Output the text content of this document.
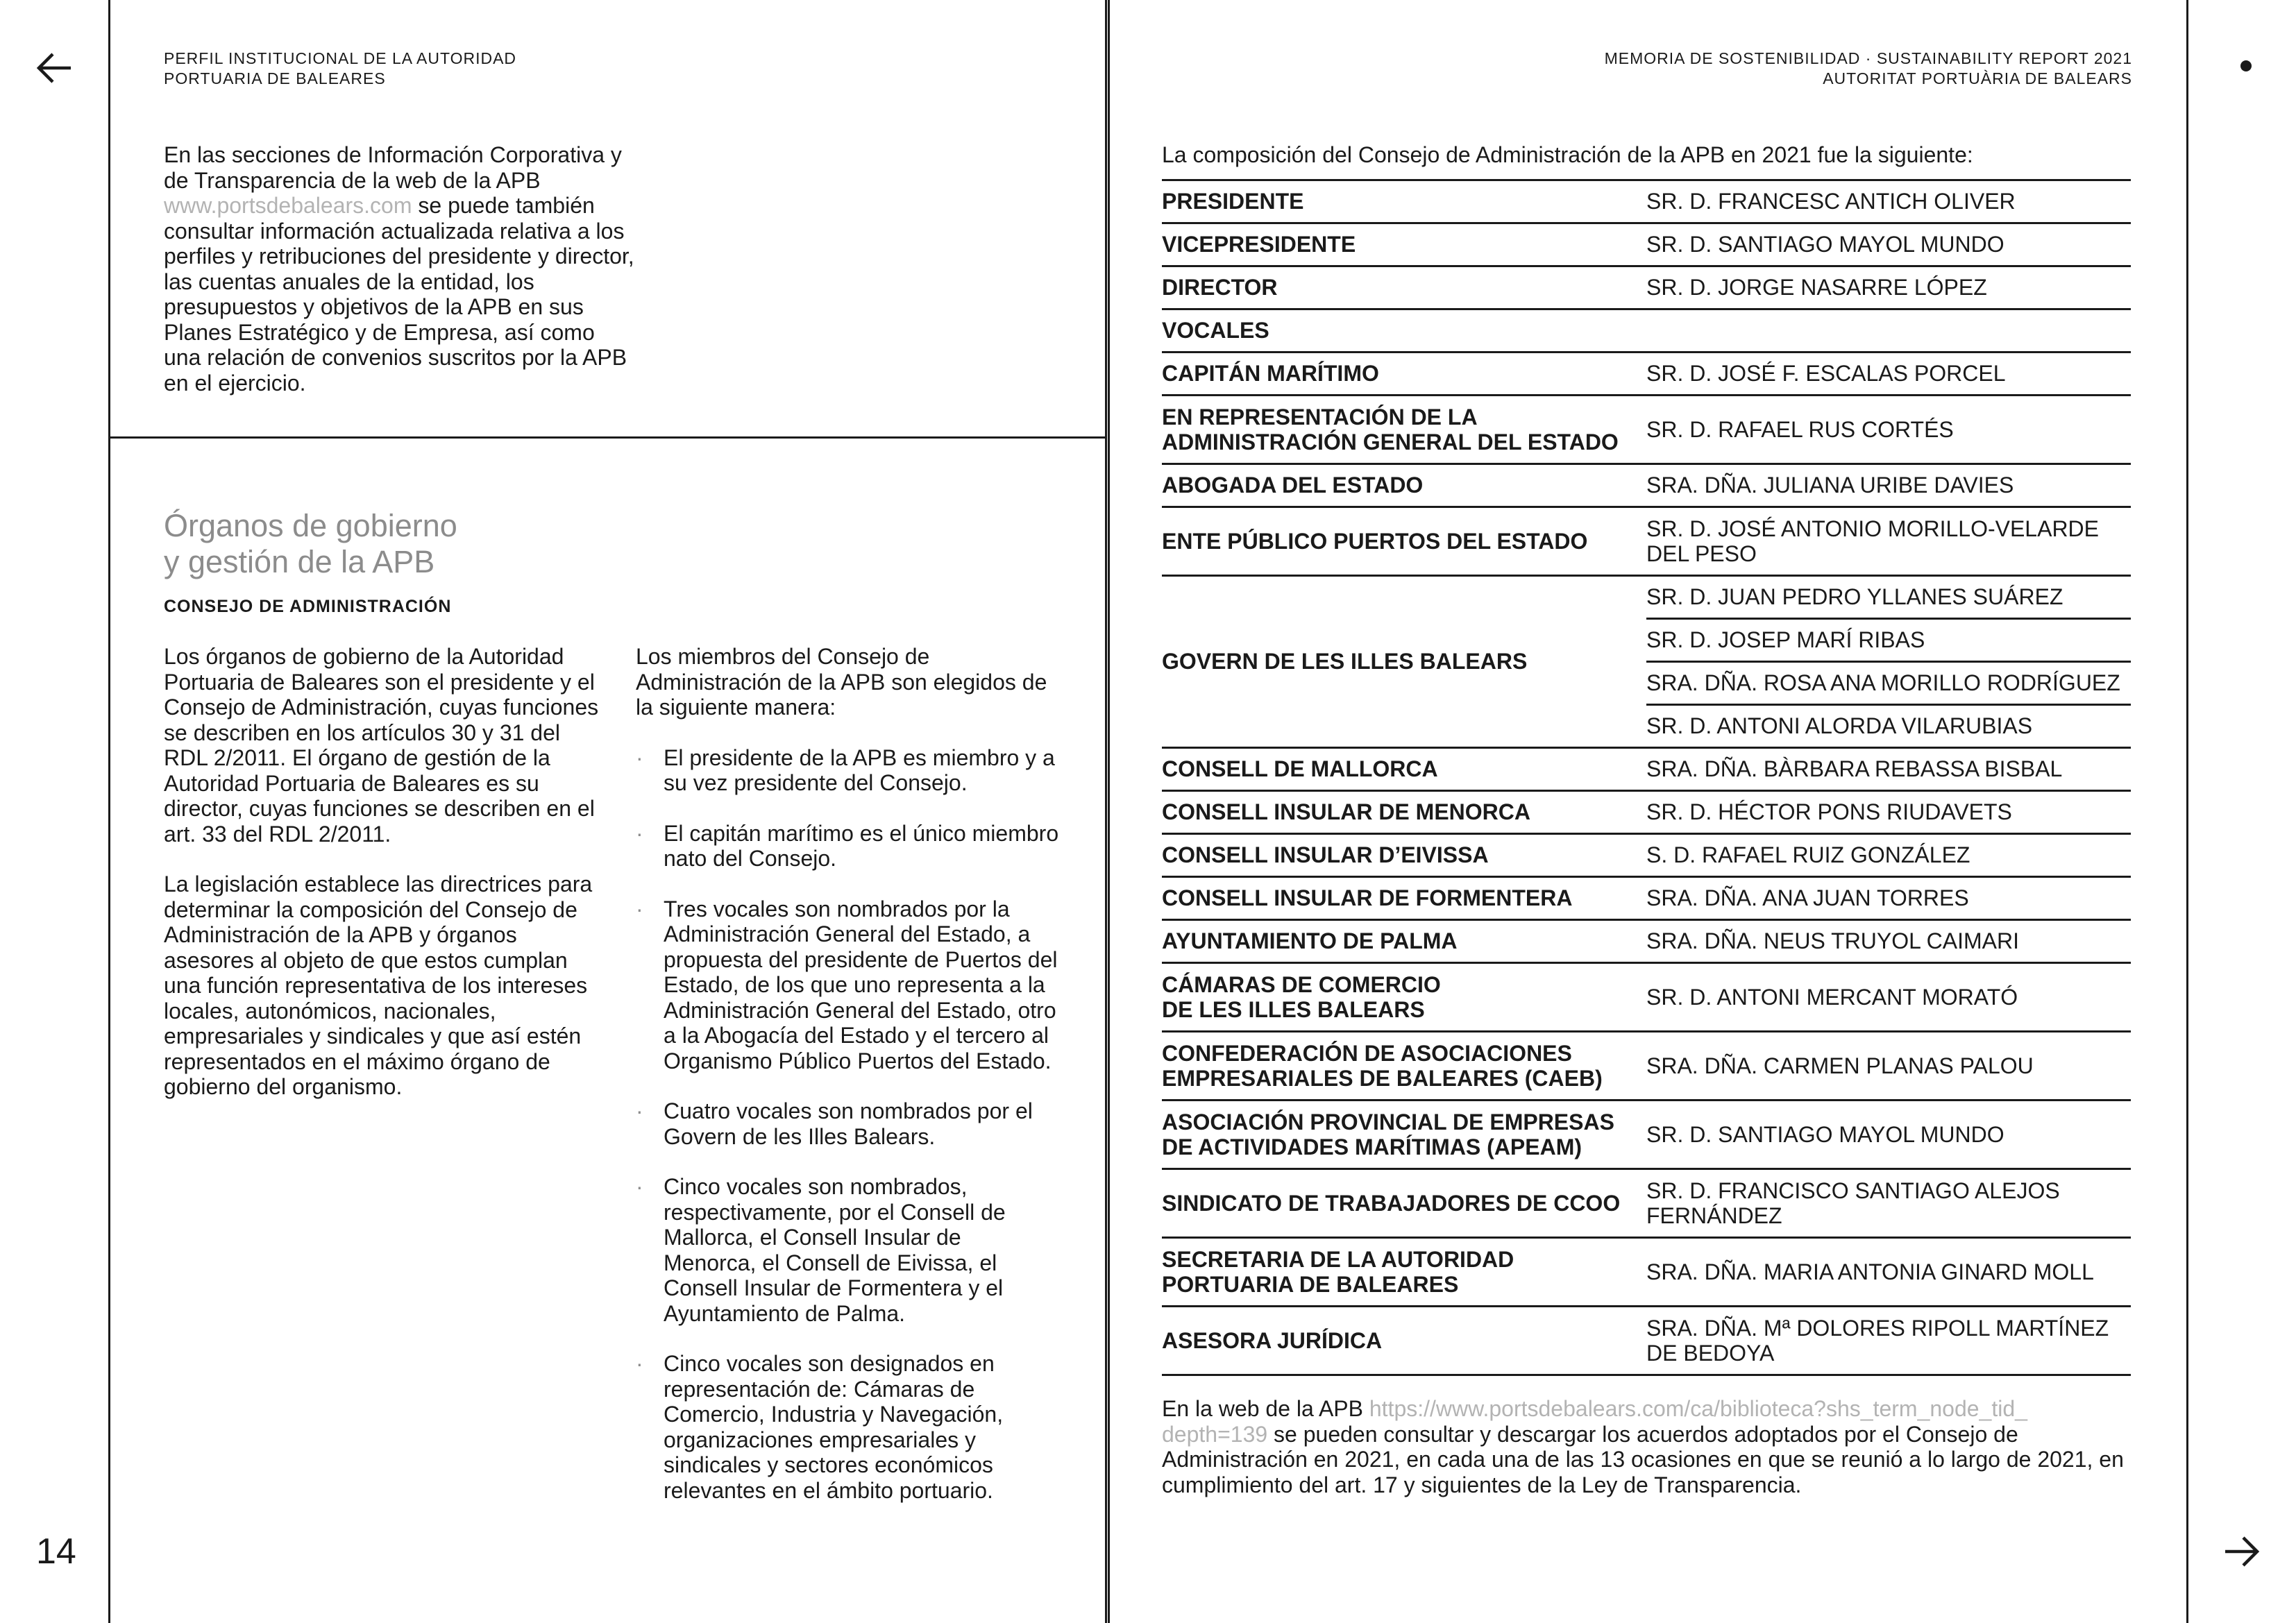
14
PERFIL INSTITUCIONAL DE LA AUTORIDAD
PORTUARIA DE BALEARES
MEMORIA DE SOSTENIBILIDAD · SUSTAINABILITY REPORT 2021
AUTORITAT PORTUÀRIA DE BALEARS
En las secciones de Información Corporativa y de Transparencia de la web de la APB www.portsdebalears.com se puede también consultar información actualizada relativa a los perfiles y retribuciones del presidente y director, las cuentas anuales de la entidad, los presupuestos y objetivos de la APB en sus Planes Estratégico y de Empresa, así como una relación de convenios suscritos por la APB en el ejercicio.
Órganos de gobierno
y gestión de la APB
CONSEJO DE ADMINISTRACIÓN

Los órganos de gobierno de la Autoridad Portuaria de Baleares son el presidente y el Consejo de Administración, cuyas funciones se describen en los artículos 30 y 31 del RDL 2/2011. El órgano de gestión de la Autoridad Portuaria de Baleares es su director, cuyas funciones se describen en el art. 33 del RDL 2/2011.

La legislación establece las directrices para determinar la composición del Consejo de Administración de la APB y órganos asesores al objeto de que estos cumplan una función representativa de los intereses locales, autonómicos, nacionales, empresariales y sindicales y que así estén representados en el máximo órgano de gobierno del organismo.

Los miembros del Consejo de Administración de la APB son elegidos de la siguiente manera:

· El presidente de la APB es miembro y a su vez presidente del Consejo.
· El capitán marítimo es el único miembro nato del Consejo.
· Tres vocales son nombrados por la Administración General del Estado, a propuesta del presidente de Puertos del Estado, de los que uno representa a la Administración General del Estado, otro a la Abogacía del Estado y el tercero al Organismo Público Puertos del Estado.
· Cuatro vocales son nombrados por el Govern de les Illes Balears.
· Cinco vocales son nombrados, respectivamente, por el Consell de Mallorca, el Consell Insular de Menorca, el Consell de Eivissa, el Consell Insular de Formentera y el Ayuntamiento de Palma.
· Cinco vocales son designados en representación de: Cámaras de Comercio, Industria y Navegación, organizaciones empresariales y sindicales y sectores económicos relevantes en el ámbito portuario.
La composición del Consejo de Administración de la APB en 2021 fue la siguiente:
PRESIDENTE	SR. D. FRANCESC ANTICH OLIVER
VICEPRESIDENTE	SR. D. SANTIAGO MAYOL MUNDO
DIRECTOR	SR. D. JORGE NASARRE LÓPEZ
VOCALES	
CAPITÁN MARÍTIMO	SR. D. JOSÉ F. ESCALAS PORCEL

EN REPRESENTACIÓN DE LA
ADMINISTRACIÓN GENERAL DEL ESTADO	SR. D. RAFAEL RUS CORTÉS
ABOGADA DEL ESTADO	SRA. DÑA. JULIANA URIBE DAVIES
ENTE PÚBLICO PUERTOS DEL ESTADO	SR. D. JOSÉ ANTONIO MORILLO-VELARDE
DEL PESO

GOVERN DE LES ILLES BALEARS	SR. D. JUAN PEDRO YLLANES SUÁREZ
	SR. D. JOSEP MARÍ RIBAS
	SRA. DÑA. ROSA ANA MORILLO RODRÍGUEZ
	SR. D. ANTONI ALORDA VILARUBIAS
CONSELL DE MALLORCA	SRA. DÑA. BÀRBARA REBASSA BISBAL
CONSELL INSULAR DE MENORCA	SR. D. HÉCTOR PONS RIUDAVETS
CONSELL INSULAR D’EIVISSA	S. D. RAFAEL RUIZ GONZÁLEZ
CONSELL INSULAR DE FORMENTERA	SRA. DÑA. ANA JUAN TORRES
AYUNTAMIENTO DE PALMA	SRA. DÑA. NEUS TRUYOL CAIMARI

CÁMARAS DE COMERCIO
DE LES ILLES BALEARS	SR. D. ANTONI MERCANT MORATÓ

CONFEDERACIÓN DE ASOCIACIONES
EMPRESARIALES DE BALEARES (CAEB)	SRA. DÑA. CARMEN PLANAS PALOU

ASOCIACIÓN PROVINCIAL DE EMPRESAS
DE ACTIVIDADES MARÍTIMAS (APEAM)	SR. D. SANTIAGO MAYOL MUNDO
SINDICATO DE TRABAJADORES DE CCOO	SR. D. FRANCISCO SANTIAGO ALEJOS
FERNÁNDEZ

SECRETARIA DE LA AUTORIDAD
PORTUARIA DE BALEARES	SRA. DÑA. MARIA ANTONIA GINARD MOLL
ASESORA JURÍDICA	SRA. DÑA. Mª DOLORES RIPOLL MARTÍNEZ
DE BEDOYA
En la web de la APB https://www.portsdebalears.com/ca/biblioteca?shs_term_node_tid_
depth=139 se pueden consultar y descargar los acuerdos adoptados por el Consejo de Administración en 2021, en cada una de las 13 ocasiones en que se reunió a lo largo de 2021, en cumplimiento del art. 17 y siguientes de la Ley de Transparencia.
